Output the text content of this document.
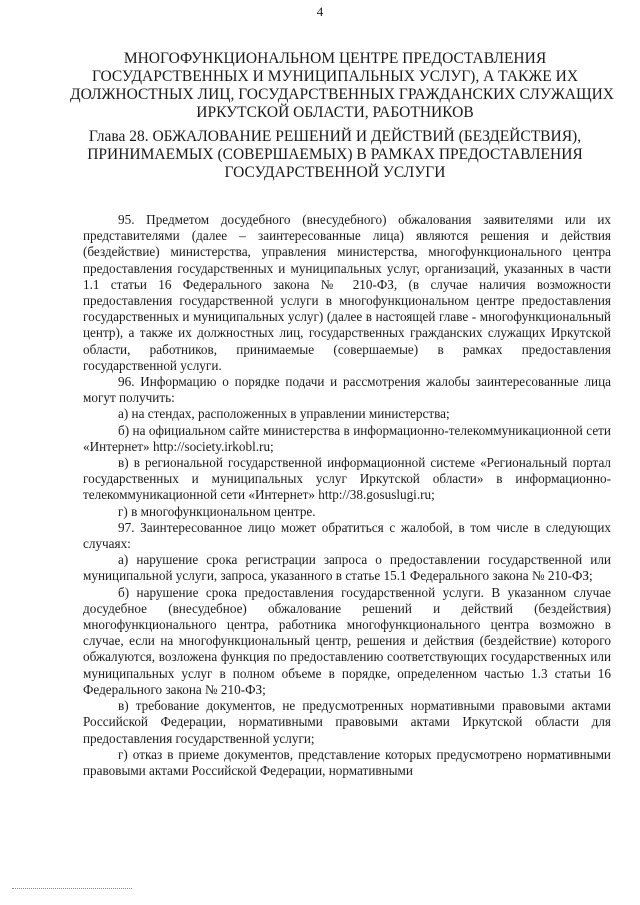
4
МНОГОФУНКЦИОНАЛЬНОМ ЦЕНТРЕ ПРЕДОСТАВЛЕНИЯ
ГОСУДАРСТВЕННЫХ И МУНИЦИПАЛЬНЫХ УСЛУГ), А ТАКЖЕ ИХ
ДОЛЖНОСТНЫХ ЛИЦ, ГОСУДАРСТВЕННЫХ ГРАЖДАНСКИХ СЛУЖАЩИХ
ИРКУТСКОЙ ОБЛАСТИ, РАБОТНИКОВ
Глава 28. ОБЖАЛОВАНИЕ РЕШЕНИЙ И ДЕЙСТВИЙ (БЕЗДЕЙСТВИЯ),
ПРИНИМАЕМЫХ (СОВЕРШАЕМЫХ) В РАМКАХ ПРЕДОСТАВЛЕНИЯ
ГОСУДАРСТВЕННОЙ УСЛУГИ

95. Предметом досудебного (внесудебного) обжалования заявителями или их представителями (далее – заинтересованные лица) являются решения и действия (бездействие) министерства, управления министерства, многофункционального центра предоставления государственных и муниципальных услуг, организаций, указанных в части 1.1 статьи 16 Федерального закона № 210-ФЗ, (в случае наличия возможности предоставления государственной услуги в многофункциональном центре предоставления государственных и муниципальных услуг) (далее в настоящей главе - многофункциональный центр), а также их должностных лиц, государственных гражданских служащих Иркутской области, работников, принимаемые (совершаемые) в рамках предоставления государственной услуги.

96. Информацию о порядке подачи и рассмотрения жалобы заинтересованные лица могут получить:

а) на стендах, расположенных в управлении министерства;

б) на официальном сайте министерства в информационно-телекоммуникационной сети «Интернет» http://society.irkobl.ru;

в) в региональной государственной информационной системе «Региональный портал государственных и муниципальных услуг Иркутской области» в информационно-телекоммуникационной сети «Интернет» http://38.gosuslugi.ru;

г) в многофункциональном центре.

97. Заинтересованное лицо может обратиться с жалобой, в том числе в следующих случаях:

а) нарушение срока регистрации запроса о предоставлении государственной или муниципальной услуги, запроса, указанного в статье 15.1 Федерального закона № 210-ФЗ;

б) нарушение срока предоставления государственной услуги. В указанном случае досудебное (внесудебное) обжалование решений и действий (бездействия) многофункционального центра, работника многофункционального центра возможно в случае, если на многофункциональный центр, решения и действия (бездействие) которого обжалуются, возложена функция по предоставлению соответствующих государственных или муниципальных услуг в полном объеме в порядке, определенном частью 1.3 статьи 16 Федерального закона № 210-ФЗ;

в) требование документов, не предусмотренных нормативными правовыми актами Российской Федерации, нормативными правовыми актами Иркутской области для предоставления государственной услуги;

г) отказ в приеме документов, представление которых предусмотрено нормативными правовыми актами Российской Федерации, нормативными
